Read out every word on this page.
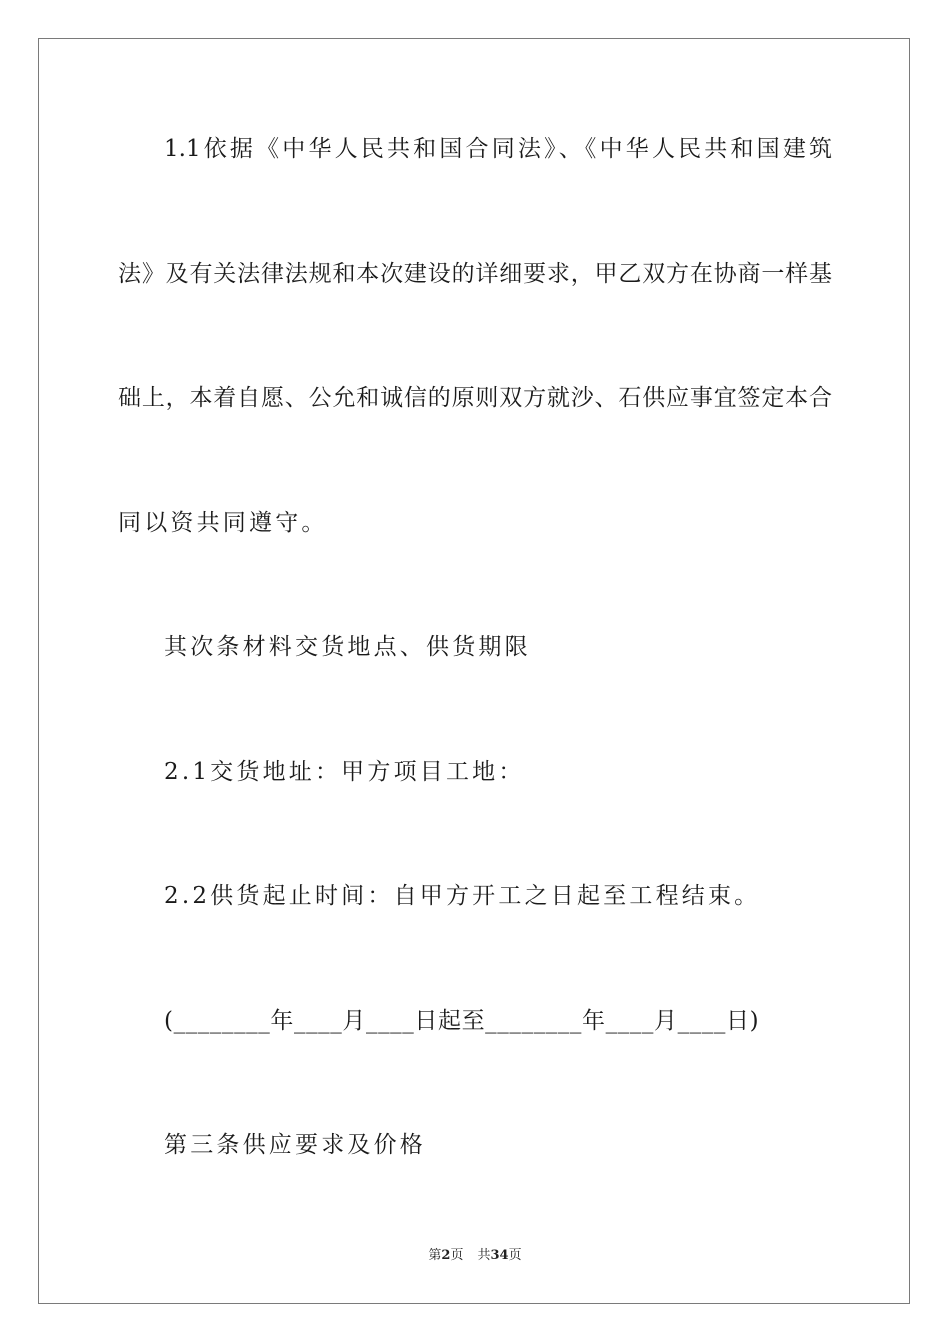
1.1依据《中华人民共和国合同法》、《中华人民共和国建筑
法》及有关法律法规和本次建设的详细要求，甲乙双方在协商一样基
础上，本着自愿、公允和诚信的原则双方就沙、石供应事宜签定本合
同以资共同遵守。
其次条材料交货地点、供货期限
2.1交货地址：甲方项目工地：
2.2供货起止时间：自甲方开工之日起至工程结束。
(________年____月____日起至________年____月____日)
第三条供应要求及价格
第2页 共34页
